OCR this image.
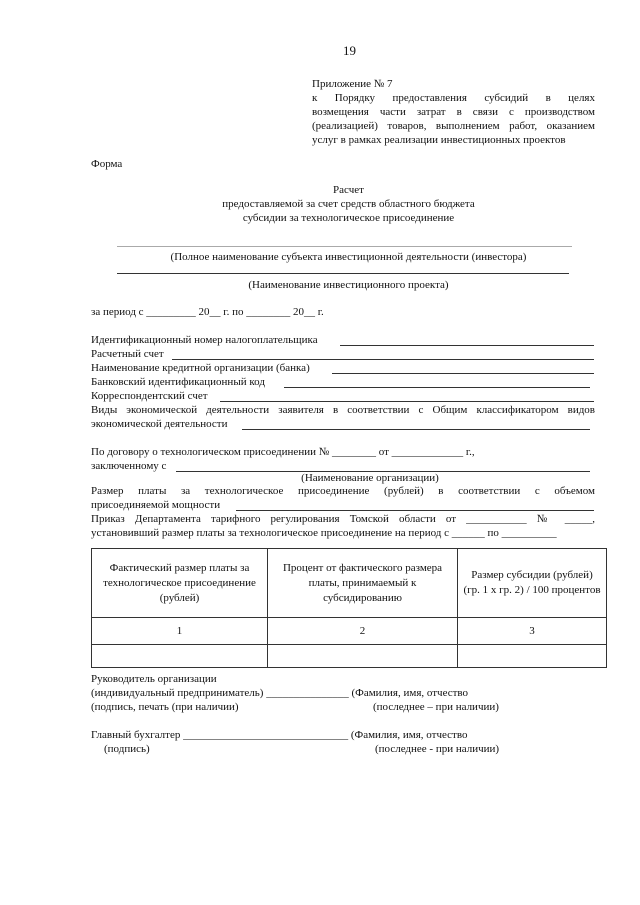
19
Приложение № 7
к Порядку предоставления субсидий в целях
возмещения части затрат в связи с производством
(реализацией) товаров, выполнением работ, оказанием
услуг в рамках реализации инвестиционных проектов
Форма
Расчет
предоставляемой за счет средств областного бюджета
субсидии за технологическое присоединение
(Полное наименование субъекта инвестиционной деятельности (инвестора)
(Наименование инвестиционного проекта)
за период с _________ 20__ г. по ________ 20__ г.
Идентификационный номер налогоплательщика
Расчетный счет
Наименование кредитной организации (банка)
Банковский идентификационный код
Корреспондентский счет
Виды экономической деятельности заявителя в соответствии с Общим классификатором видов
экономической деятельности
По договору о технологическом присоединении № ________ от _____________ г.,
заключенному с
(Наименование организации)
Размер платы за технологическое присоединение (рублей) в соответствии с объемом
присоединяемой мощности
Приказ Департамента тарифного регулирования Томской области от ___________ № _____,
установивший размер платы за технологическое присоединение на период с ______ по __________
Фактический размер платы за технологическое присоединение (рублей)	Процент от фактического размера платы, принимаемый к субсидированию	Размер субсидии (рублей) (гр. 1 х гр. 2) / 100 процентов
1	2	3

Руководитель организации
(индивидуальный предприниматель) _______________ (Фамилия, имя, отчество
(подпись, печать (при наличии)	(последнее – при наличии)
Главный бухгалтер ______________________________ (Фамилия, имя, отчество
(подпись)	(последнее - при наличии)
